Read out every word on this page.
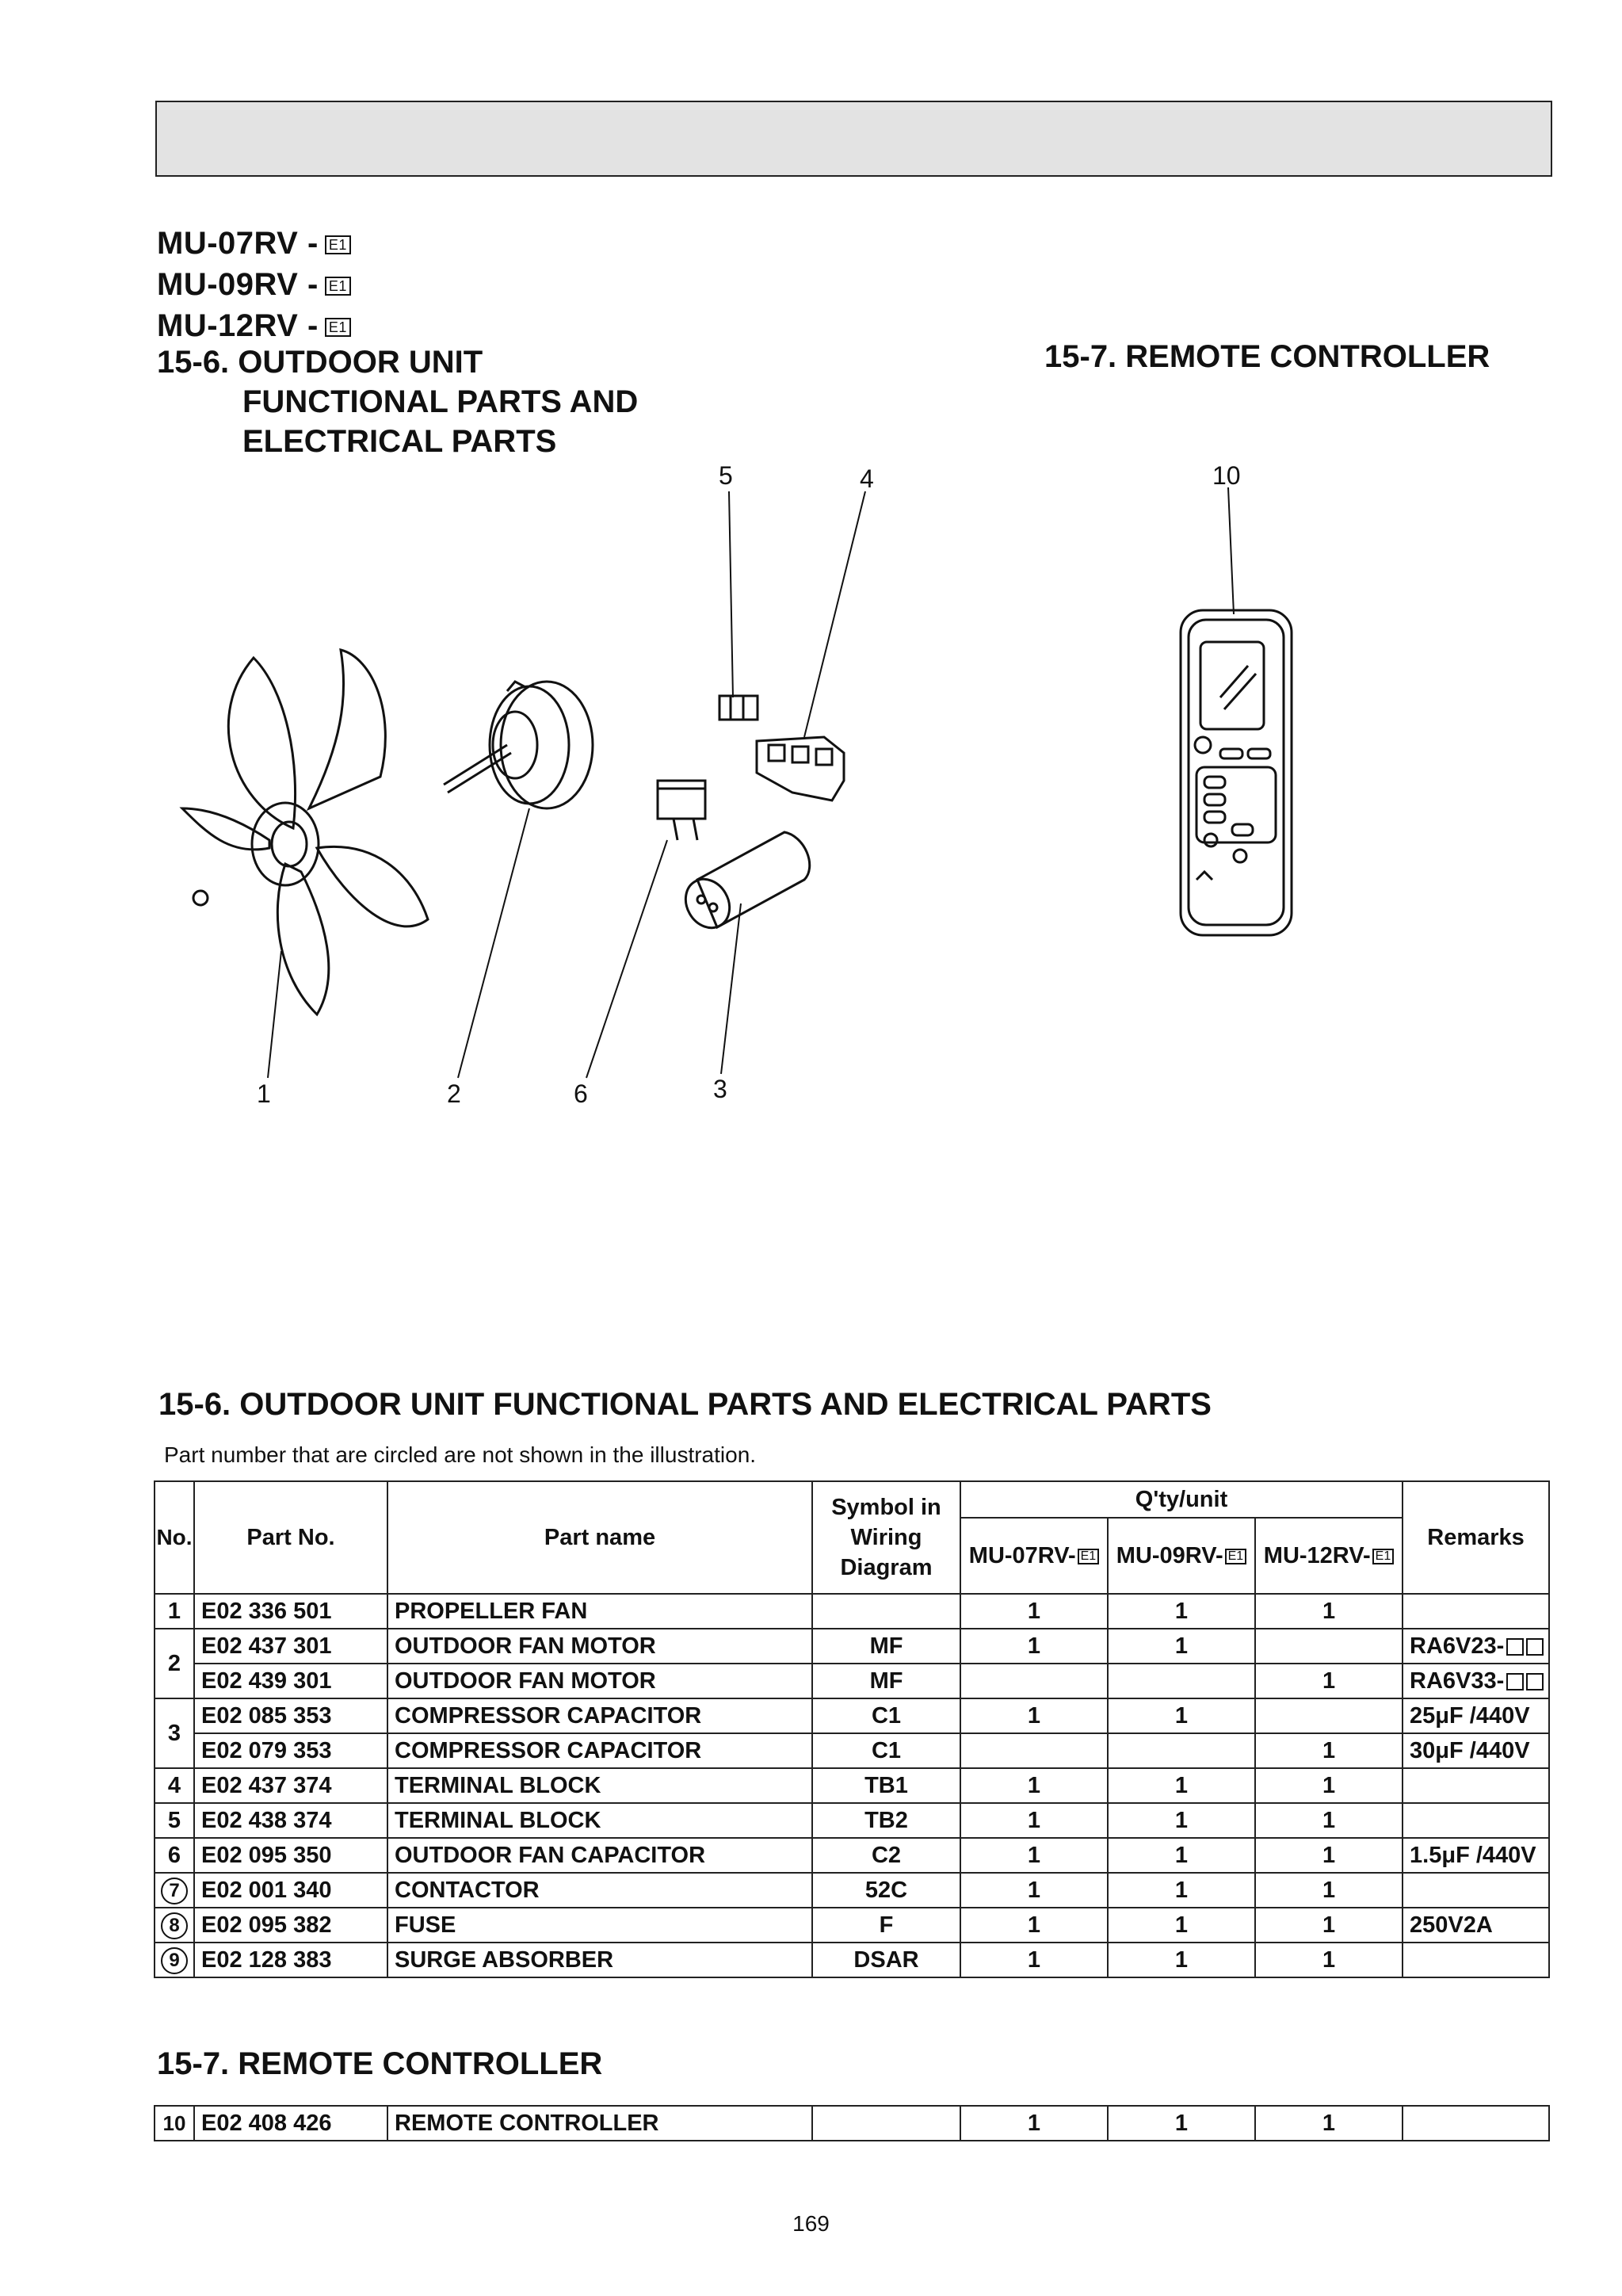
MU-07RV - E1
MU-09RV - E1
MU-12RV - E1
15-6. OUTDOOR UNIT
FUNCTIONAL PARTS AND
ELECTRICAL PARTS
15-7. REMOTE CONTROLLER
5	4	10
1	2	6	3
15-6. OUTDOOR UNIT FUNCTIONAL PARTS AND ELECTRICAL PARTS
Part number that are circled are not shown in the illustration.
No.	Part No.	Part name	Symbol in Wiring Diagram	Q'ty/unit			Remarks
				MU-07RV- E1	MU-09RV- E1	MU-12RV- E1	
1	E02 336 501	PROPELLER FAN		1	1	1	
2	E02 437 301	OUTDOOR FAN MOTOR	MF	1	1		RA6V23-
	E02 439 301	OUTDOOR FAN MOTOR	MF			1	RA6V33-
3	E02 085 353	COMPRESSOR CAPACITOR	C1	1	1		25μF /440V
	E02 079 353	COMPRESSOR CAPACITOR	C1			1	30μF /440V
4	E02 437 374	TERMINAL BLOCK	TB1	1	1	1	
5	E02 438 374	TERMINAL BLOCK	TB2	1	1	1	
6	E02 095 350	OUTDOOR FAN CAPACITOR	C2	1	1	1	1.5μF /440V
7	E02 001 340	CONTACTOR	52C	1	1	1	
8	E02 095 382	FUSE	F	1	1	1	250V2A
9	E02 128 383	SURGE ABSORBER	DSAR	1	1	1	
15-7. REMOTE CONTROLLER
10	E02 408 426	REMOTE CONTROLLER		1	1	1	
169
